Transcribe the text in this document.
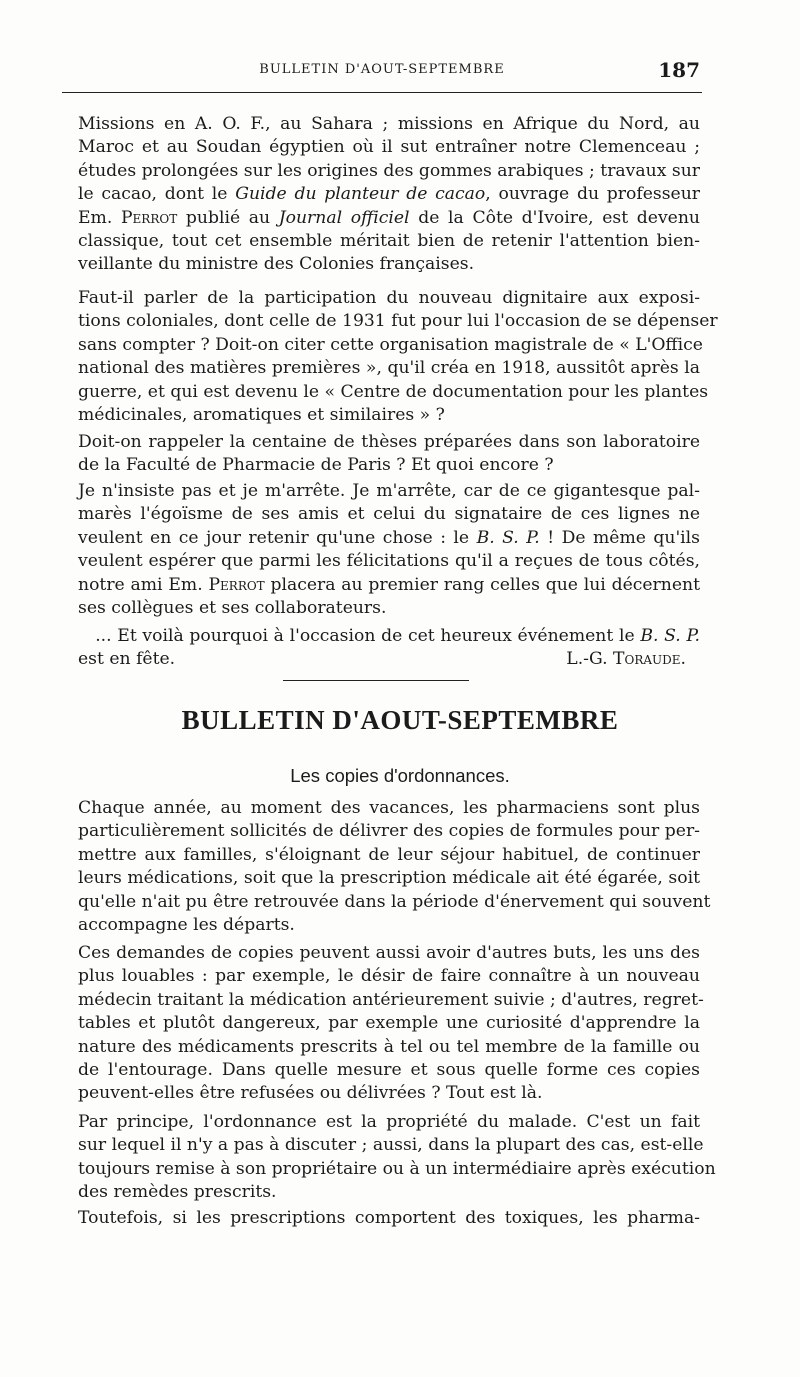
BULLETIN D'AOUT-SEPTEMBRE	187
Missions en A. O. F., au Sahara ; missions en Afrique du Nord, au
Maroc et au Soudan égyptien où il sut entraîner notre Clemenceau ;
études prolongées sur les origines des gommes arabiques ; travaux sur
le cacao, dont le Guide du planteur de cacao, ouvrage du professeur
Em. Perrot publié au Journal officiel de la Côte d'Ivoire, est devenu
classique, tout cet ensemble méritait bien de retenir l'attention bien-
veillante du ministre des Colonies françaises.
Faut-il parler de la participation du nouveau dignitaire aux exposi-
tions coloniales, dont celle de 1931 fut pour lui l'occasion de se dépenser
sans compter ? Doit-on citer cette organisation magistrale de « L'Office
national des matières premières », qu'il créa en 1918, aussitôt après la
guerre, et qui est devenu le « Centre de documentation pour les plantes
médicinales, aromatiques et similaires » ?
Doit-on rappeler la centaine de thèses préparées dans son laboratoire
de la Faculté de Pharmacie de Paris ? Et quoi encore ?
Je n'insiste pas et je m'arrête. Je m'arrête, car de ce gigantesque pal-
marès l'égoïsme de ses amis et celui du signataire de ces lignes ne
veulent en ce jour retenir qu'une chose : le B. S. P. ! De même qu'ils
veulent espérer que parmi les félicitations qu'il a reçues de tous côtés,
notre ami Em. Perrot placera au premier rang celles que lui décernent
ses collègues et ses collaborateurs.
 ... Et voilà pourquoi à l'occasion de cet heureux événement le B. S. P.
est en fête.	L.-G. Toraude.
BULLETIN D'AOUT-SEPTEMBRE
Les copies d'ordonnances.
Chaque année, au moment des vacances, les pharmaciens sont plus
particulièrement sollicités de délivrer des copies de formules pour per-
mettre aux familles, s'éloignant de leur séjour habituel, de continuer
leurs médications, soit que la prescription médicale ait été égarée, soit
qu'elle n'ait pu être retrouvée dans la période d'énervement qui souvent
accompagne les départs.
Ces demandes de copies peuvent aussi avoir d'autres buts, les uns des
plus louables : par exemple, le désir de faire connaître à un nouveau
médecin traitant la médication antérieurement suivie ; d'autres, regret-
tables et plutôt dangereux, par exemple une curiosité d'apprendre la
nature des médicaments prescrits à tel ou tel membre de la famille ou
de l'entourage. Dans quelle mesure et sous quelle forme ces copies
peuvent-elles être refusées ou délivrées ? Tout est là.
Par principe, l'ordonnance est la propriété du malade. C'est un fait
sur lequel il n'y a pas à discuter ; aussi, dans la plupart des cas, est-elle
toujours remise à son propriétaire ou à un intermédiaire après exécution
des remèdes prescrits.
Toutefois, si les prescriptions comportent des toxiques, les pharma-
